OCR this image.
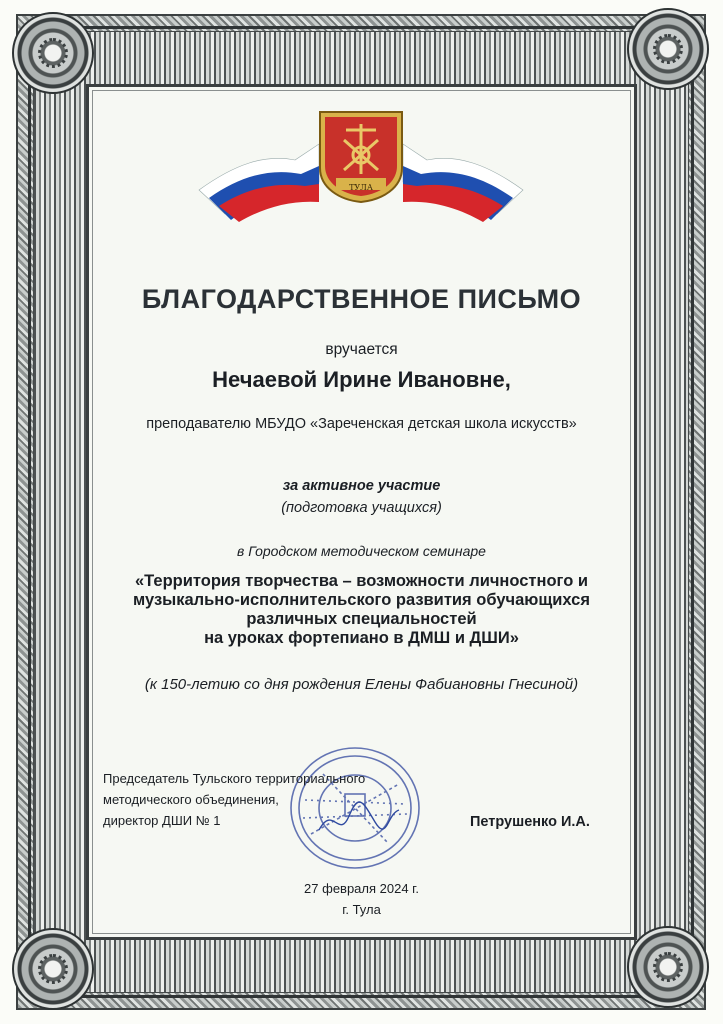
ТУЛА
БЛАГОДАРСТВЕННОЕ ПИСЬМО
вручается
Нечаевой Ирине Ивановне,
преподавателю МБУДО «Зареченская детская школа искусств»
за активное участие
(подготовка учащихся)
в Городском методическом семинаре
«Территория творчества – возможности личностного и
музыкально-исполнительского развития обучающихся
различных специальностей
на уроках фортепиано в ДМШ и ДШИ»
(к 150-летию со дня рождения Елены Фабиановны Гнесиной)
Председатель Тульского территориального
методического объединения,
директор ДШИ № 1	Петрушенко И.А.
27 февраля 2024 г.
г. Тула
